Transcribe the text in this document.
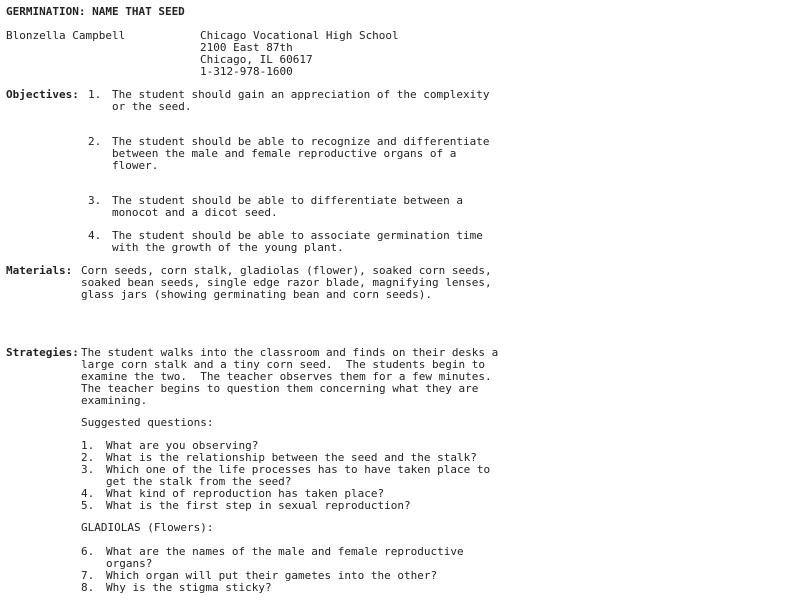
GERMINATION: NAME THAT SEED
Blonzella Campbell	Chicago Vocational High School
2100 East 87th
Chicago, IL 60617
1-312-978-1600
Objectives: 1. The student should gain an appreciation of the complexity
or the seed.
2. The student should be able to recognize and differentiate
between the male and female reproductive organs of a
flower.
3. The student should be able to differentiate between a
monocot and a dicot seed.
4. The student should be able to associate germination time
with the growth of the young plant.
Materials: Corn seeds, corn stalk, gladiolas (flower), soaked corn seeds,
soaked bean seeds, single edge razor blade, magnifying lenses,
glass jars (showing germinating bean and corn seeds).
Strategies: The student walks into the classroom and finds on their desks a
large corn stalk and a tiny corn seed.  The students begin to
examine the two.  The teacher observes them for a few minutes.
The teacher begins to question them concerning what they are
examining.
Suggested questions:
1. What are you observing?
2. What is the relationship between the seed and the stalk?
3. Which one of the life processes has to have taken place to
get the stalk from the seed?
4. What kind of reproduction has taken place?
5. What is the first step in sexual reproduction?
GLADIOLAS (Flowers):
6. What are the names of the male and female reproductive
organs?
7. Which organ will put their gametes into the other?
8. Why is the stigma sticky?
